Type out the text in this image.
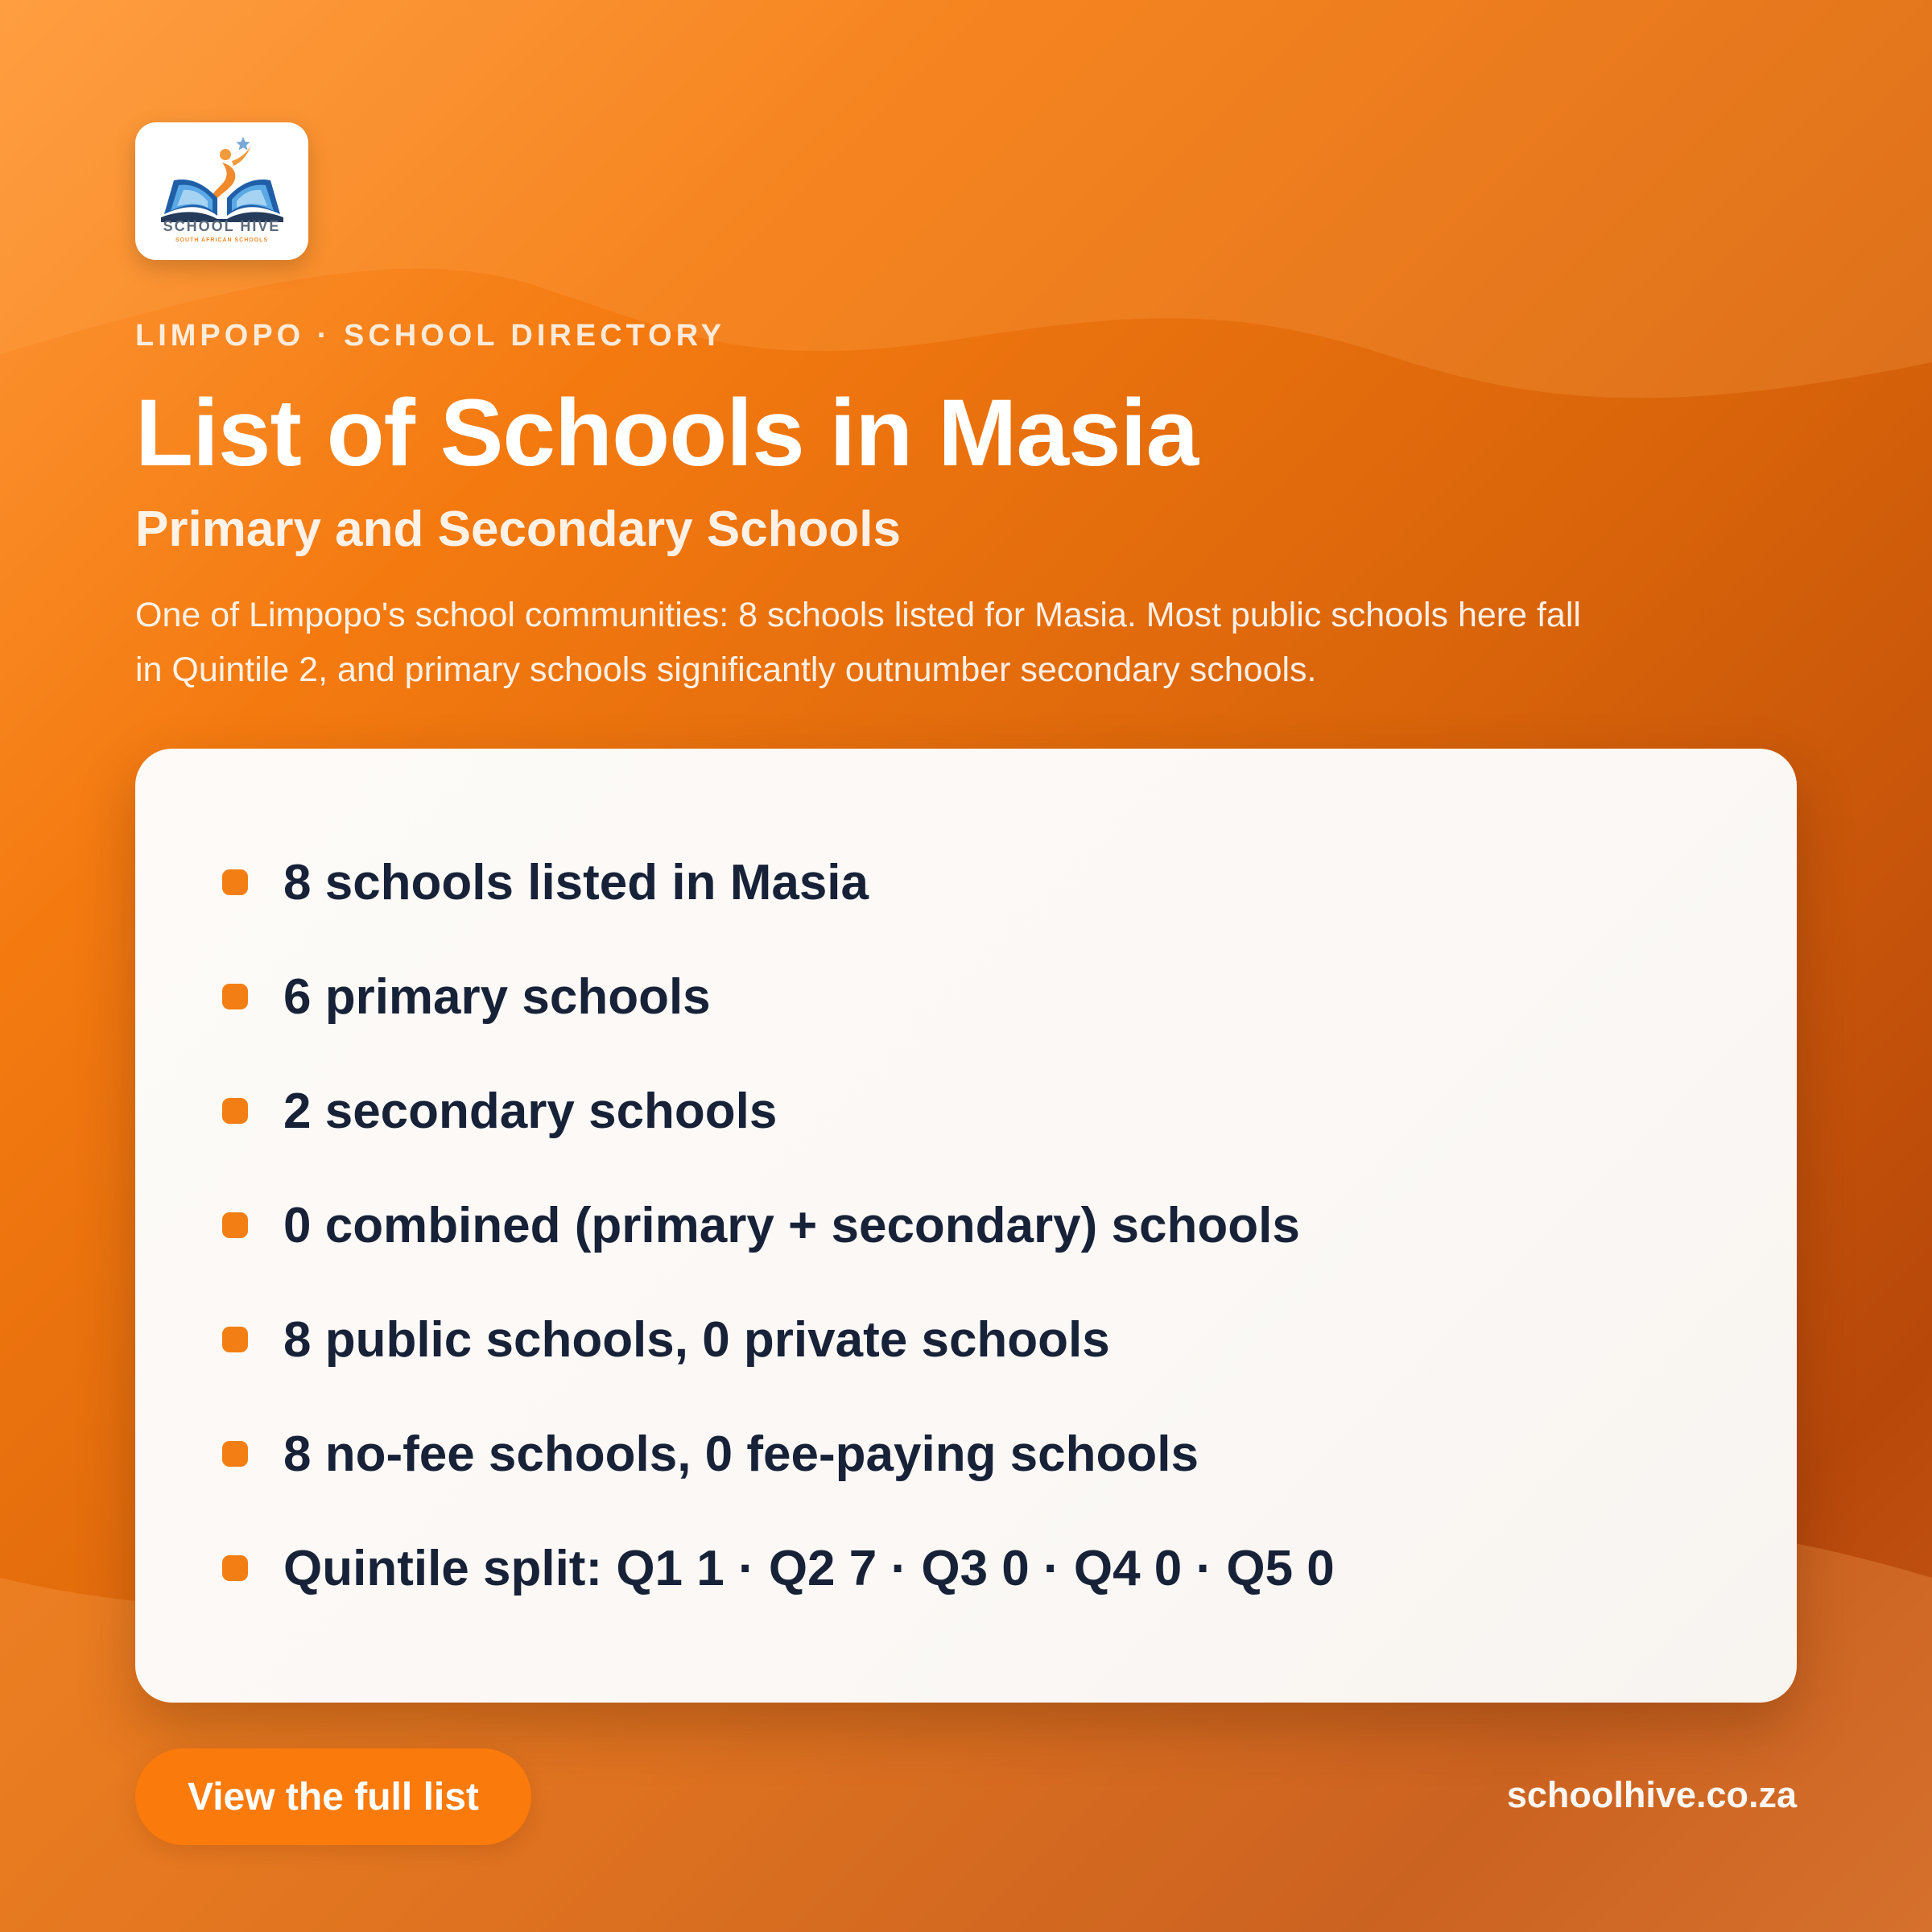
SCHOOL HIVE
SOUTH AFRICAN SCHOOLS
LIMPOPO · SCHOOL DIRECTORY
List of Schools in Masia
Primary and Secondary Schools
One of Limpopo's school communities: 8 schools listed for Masia. Most public schools here fall in Quintile 2, and primary schools significantly outnumber secondary schools.
8 schools listed in Masia
6 primary schools
2 secondary schools
0 combined (primary + secondary) schools
8 public schools, 0 private schools
8 no-fee schools, 0 fee-paying schools
Quintile split: Q1 1 · Q2 7 · Q3 0 · Q4 0 · Q5 0
View the full list	schoolhive.co.za
